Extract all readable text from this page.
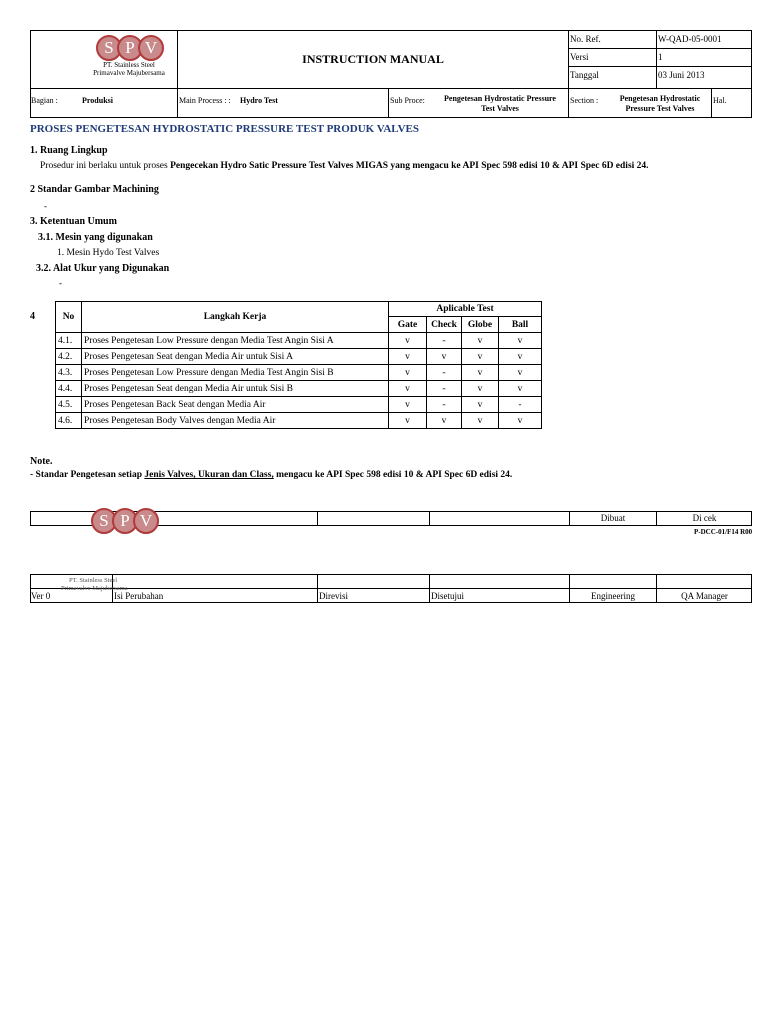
S P V
PT. Stainless Steel
Primavalve Majubersama
INSTRUCTION MANUAL
No. Ref.	W-QAD-05-0001
Versi	1
Tanggal	03 Juni 2013
Bagian :	Produksi	Main Process : : Hydro Test	Sub Proce:	Pengetesan Hydrostatic Pressure
Test Valves
Section :	Pengetesan Hydrostatic
Pressure Test Valves
Hal.
PROSES PENGETESAN HYDROSTATIC PRESSURE TEST PRODUK VALVES
1. Ruang Lingkup
Prosedur ini berlaku untuk proses Pengecekan Hydro Satic Pressure Test Valves MIGAS yang mengacu ke API Spec 598 edisi 10 & API Spec 6D edisi 24.
2 Standar Gambar Machining
-
3. Ketentuan Umum
3.1. Mesin yang digunakan
1. Mesin Hydo Test Valves
3.2. Alat Ukur yang Digunakan
-
4	No	Langkah Kerja	Aplicable Test			
		Gate	Check	Globe	Ball
4.1.	Proses Pengetesan Low Pressure dengan Media Test Angin Sisi A	v	-	v	v
4.2.	Proses Pengetesan Seat dengan Media Air untuk Sisi A	v	v	v	v
4.3.	Proses Pengetesan Low Pressure dengan Media Test Angin Sisi B	v	-	v	v
4.4.	Proses Pengetesan Seat dengan Media Air untuk Sisi B	v	-	v	v
4.5.	Proses Pengetesan Back Seat dengan Media Air	v	-	v	-
4.6.	Proses Pengetesan Body Valves dengan Media Air	v	v	v	v
Note.
- Standar Pengetesan setiap Jenis Valves, Ukuran dan Class, mengacu ke API Spec 598 edisi 10 & API Spec 6D edisi 24.
Dibuat	Di cek
P-DCC-01/F14 R00
S P V
PT. Stainless Steel
Primavalve Majubersama
Ver 0	Isi Perubahan	Direvisi	Disetujui	Engineering	QA Manager
